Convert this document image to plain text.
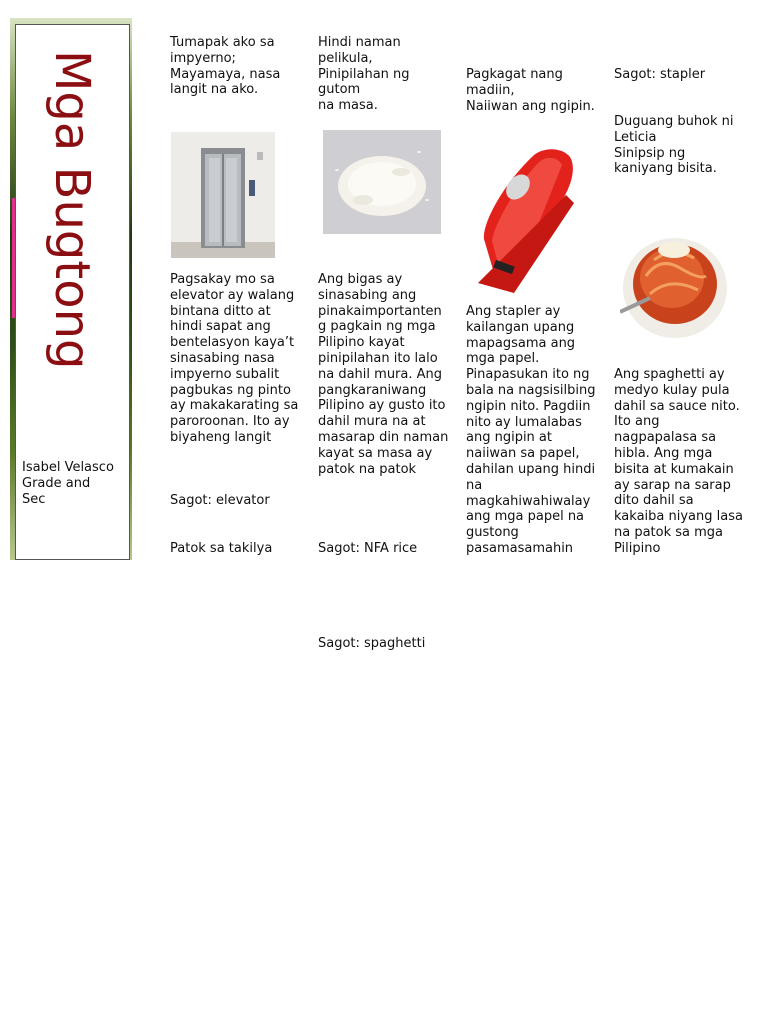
Mga Bugtong
Isabel Velasco
Grade and
Sec

Tumapak ako sa
impyerno;
Mayamaya, nasa
langit na ako.

Pagsakay mo sa
elevator ay walang
bintana ditto at
hindi sapat ang
bentelasyon kaya’t
sinasabing nasa
impyerno subalit
pagbukas ng pinto
ay makakarating sa
paroroonan. Ito ay
biyaheng langit

Sagot: elevator

Patok sa takilya

Hindi naman
pelikula,
Pinipilahan ng
gutom
na masa.

Ang bigas ay
sinasabing ang
pinakaimportanten
g pagkain ng mga
Pilipino kayat
pinipilahan ito lalo
na dahil mura. Ang
pangkaraniwang
Pilipino ay gusto ito
dahil mura na at
masarap din naman
kayat sa masa ay
patok na patok

Sagot: NFA rice

Pagkagat nang
madiin,
Naiiwan ang ngipin.

Ang stapler ay
kailangan upang
mapagsama ang
mga papel.
Pinapasukan ito ng
bala na nagsisilbing
ngipin nito. Pagdiin
nito ay lumalabas
ang ngipin at
naiiwan sa papel,
dahilan upang hindi
na
magkahiwahiwalay
ang mga papel na
gustong
pasamasamahin

Sagot: stapler

Duguang buhok ni
Leticia
Sinipsip ng
kaniyang bisita.

Ang spaghetti ay
medyo kulay pula
dahil sa sauce nito.
Ito ang
nagpapalasa sa
hibla. Ang mga
bisita at kumakain
ay sarap na sarap
dito dahil sa
kakaiba niyang lasa
na patok sa mga
Pilipino

Sagot: spaghetti
